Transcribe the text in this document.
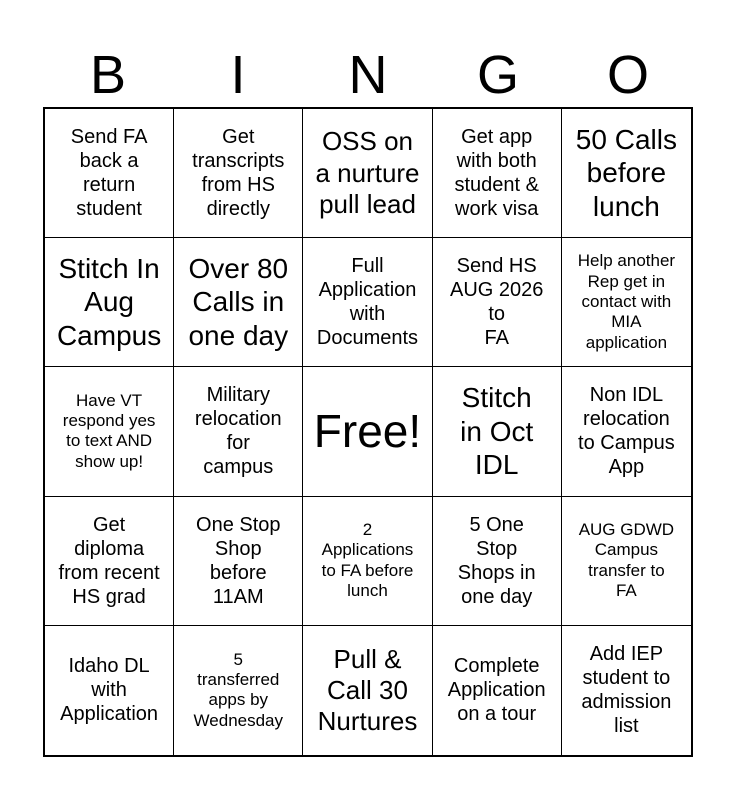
B	I	N	G	O
Send FA
back a
return
student
Get
transcripts
from HS
directly
OSS on
a nurture
pull lead
Get app
with both
student &
work visa
50 Calls
before
lunch
Stitch In
Aug
Campus
Over 80
Calls in
one day
Full
Application
with
Documents
Send HS
AUG 2026
to
FA
Help another
Rep get in
contact with
MIA
application
Have VT
respond yes
to text AND
show up!
Military
relocation
for
campus
Free!
Stitch
in Oct
IDL
Non IDL
relocation
to Campus
App
Get
diploma
from recent
HS grad
One Stop
Shop
before
11AM
2
Applications
to FA before
lunch
5 One
Stop
Shops in
one day
AUG GDWD
Campus
transfer to
FA
Idaho DL
with
Application
5
transferred
apps by
Wednesday
Pull &
Call 30
Nurtures
Complete
Application
on a tour
Add IEP
student to
admission
list
